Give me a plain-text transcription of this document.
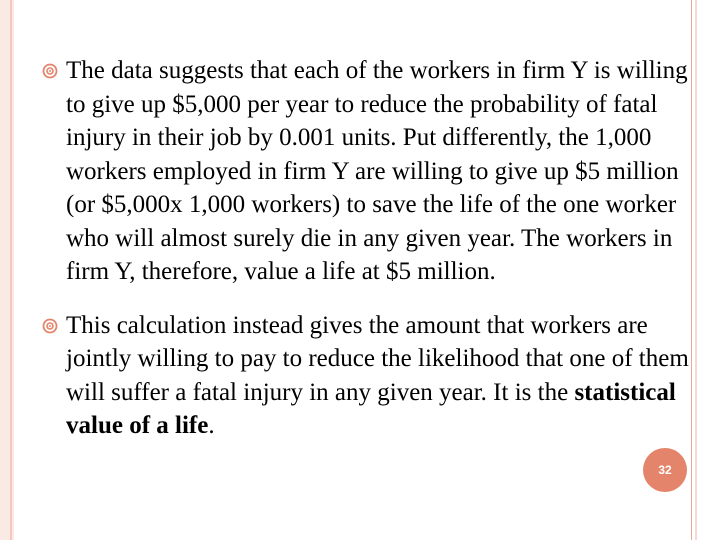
The data suggests that each of the workers in firm Y is willing to give up $5,000 per year to reduce the probability of fatal injury in their job by 0.001 units. Put differently, the 1,000 workers employed in firm Y are willing to give up $5 million (or $5,000x 1,000 workers) to save the life of the one worker who will almost surely die in any given year. The workers in firm Y, therefore, value a life at $5 million.

This calculation instead gives the amount that workers are jointly willing to pay to reduce the likelihood that one of them will suffer a fatal injury in any given year. It is the statistical value of a life.

32
